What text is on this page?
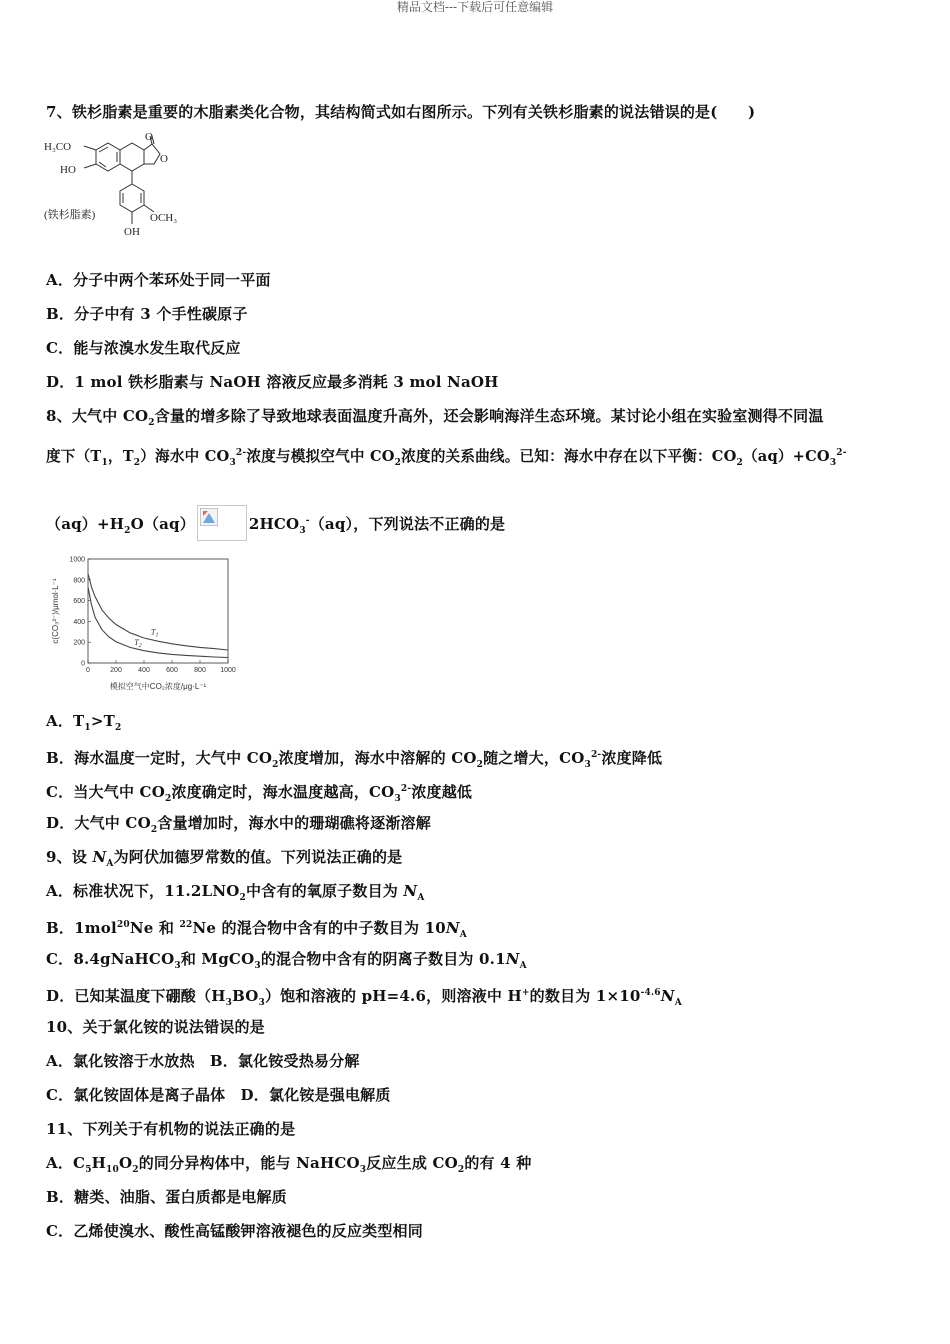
精品文档---下载后可任意编辑
7、铁杉脂素是重要的木脂素类化合物，其结构简式如右图所示。下列有关铁杉脂素的说法错误的是(　　)
H₃CO
HO
O
O
(铁杉脂素)	OCH₃
OH
A．分子中两个苯环处于同一平面
B．分子中有 3 个手性碳原子
C．能与浓溴水发生取代反应
D．1 mol 铁杉脂素与 NaOH 溶液反应最多消耗 3 mol NaOH
8、大气中 $CO_2$含量的增多除了导致地球表面温度升高外，还会影响海洋生态环境。某讨论小组在实验室测得不同温
度下（$T_1$，$T_2$）海水中 $CO_3^{2-}$浓度与模拟空气中 $CO_2$浓度的关系曲线。已知：海水中存在以下平衡：$CO_2(aq)+CO_3^{2-}$
$(aq)+H_2O(aq)$	$2HCO_3^-(aq)$，下列说法不正确的是
c(CO₃²⁻)/μmol·L⁻¹
模拟空气中CO₂浓度/μg·L⁻¹
0	200 400 600 800 1000
0
200
400
600
800
1000
$T_1$
$T_2$
A．$T_1>T_2$
B．海水温度一定时，大气中 $CO_2$浓度增加，海水中溶解的 $CO_2$随之增大，$CO_3^{2-}$浓度降低
C．当大气中 $CO_2$浓度确定时，海水温度越高，$CO_3^{2-}$浓度越低
D．大气中 $CO_2$含量增加时，海水中的珊瑚礁将逐渐溶解
9、设 $N_A$为阿伏加德罗常数的值。下列说法正确的是
A．标准状况下，$11.2LNO_2$中含有的氧原子数目为 $N_A$
B．1mol$^{20}$Ne 和 $^{22}$Ne 的混合物中含有的中子数目为 $10N_A$
C．8.4gNaHCO$_3$和 MgCO$_3$的混合物中含有的阴离子数目为 $0.1N_A$
D．已知某温度下硼酸$(H_3BO_3)$饱和溶液的 pH=4.6，则溶液中 H+的数目为 $1\times 10^{-4.6}N_A$
10、关于氯化铵的说法错误的是
A．氯化铵溶于水放热　B．氯化铵受热易分解
C．氯化铵固体是离子晶体　D．氯化铵是强电解质
11、下列关于有机物的说法正确的是
A．$C_5H_{10}O_2$的同分异构体中，能与 NaHCO$_3$反应生成 $CO_2$的有 4 种
B．糖类、油脂、蛋白质都是电解质
C．乙烯使溴水、酸性高锰酸钾溶液褪色的反应类型相同
